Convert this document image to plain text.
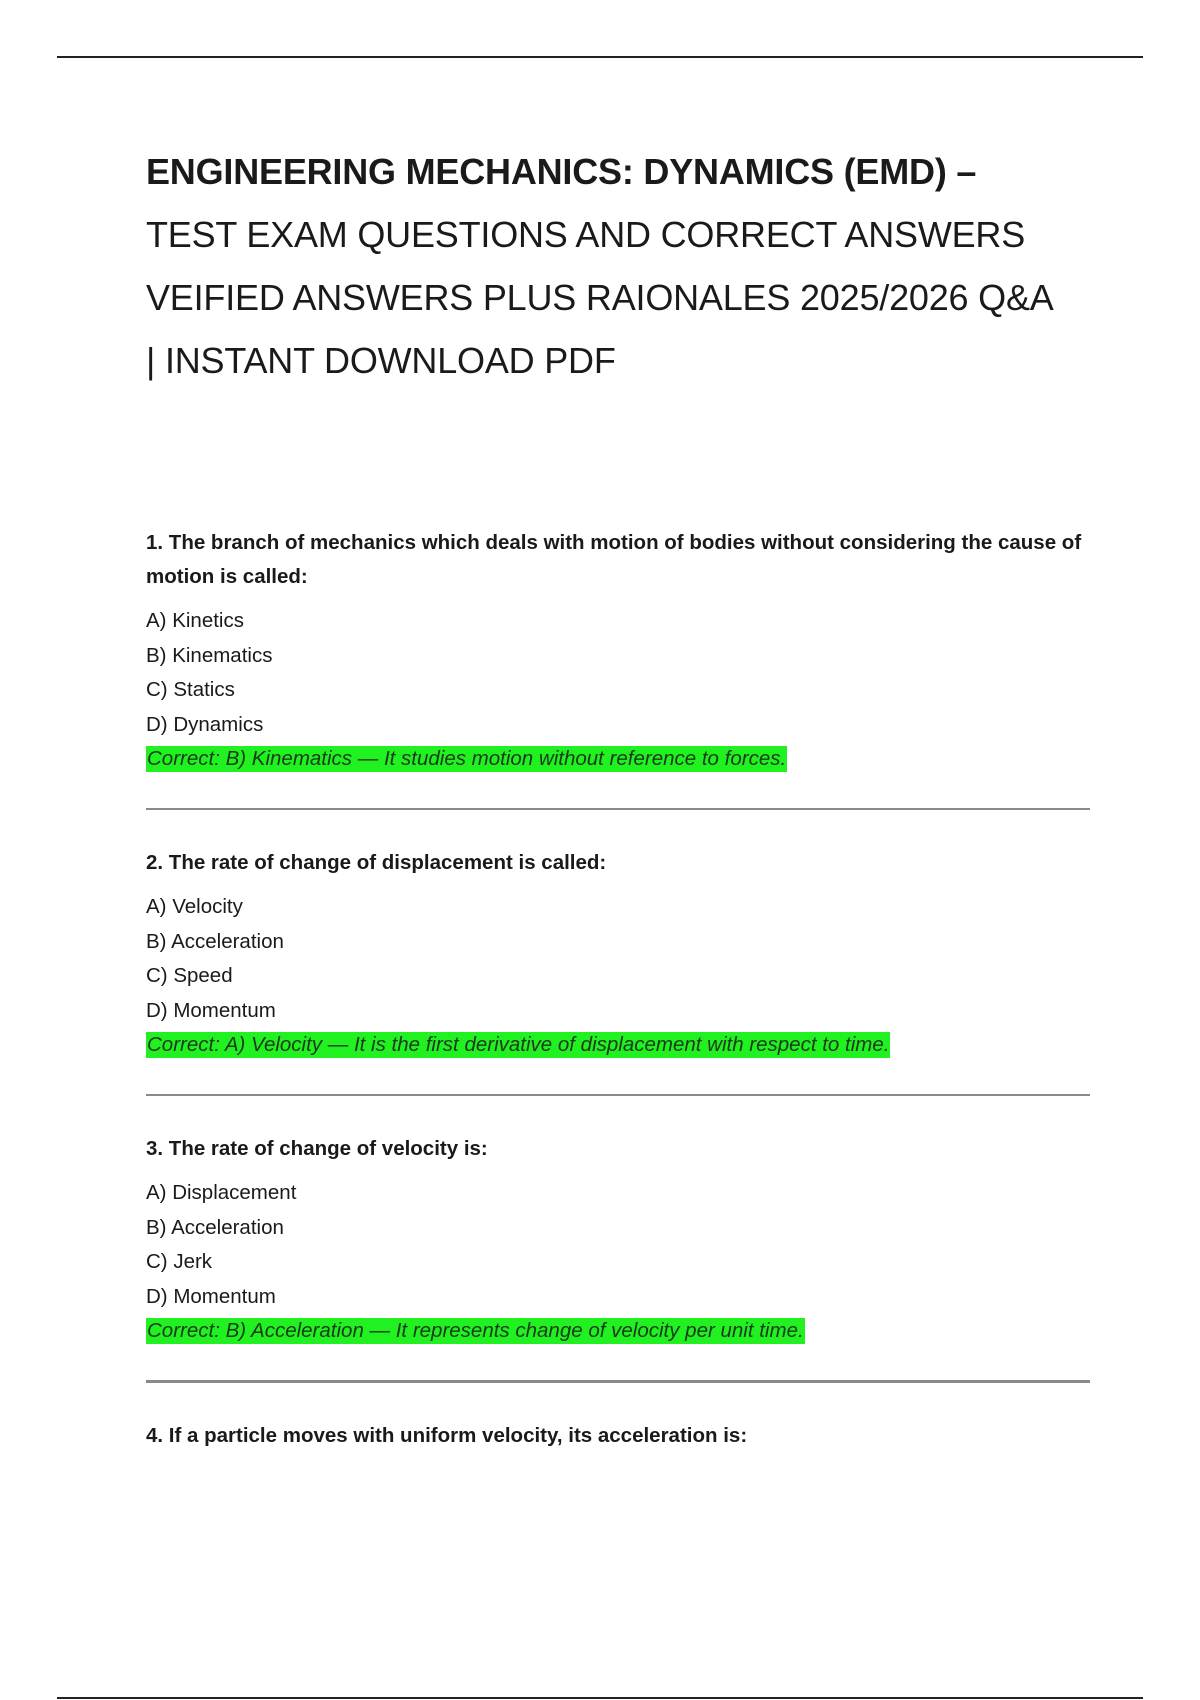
ENGINEERING MECHANICS: DYNAMICS (EMD) –
TEST EXAM QUESTIONS AND CORRECT ANSWERS
VEIFIED ANSWERS PLUS RAIONALES 2025/2026 Q&A
| INSTANT DOWNLOAD PDF

1. The branch of mechanics which deals with motion of bodies without considering the cause of motion is called:

A) Kinetics

B) Kinematics

C) Statics

D) Dynamics

Correct: B) Kinematics — It studies motion without reference to forces.

2. The rate of change of displacement is called:

A) Velocity

B) Acceleration

C) Speed

D) Momentum

Correct: A) Velocity — It is the first derivative of displacement with respect to time.

3. The rate of change of velocity is:

A) Displacement

B) Acceleration

C) Jerk

D) Momentum

Correct: B) Acceleration — It represents change of velocity per unit time.

4. If a particle moves with uniform velocity, its acceleration is:
